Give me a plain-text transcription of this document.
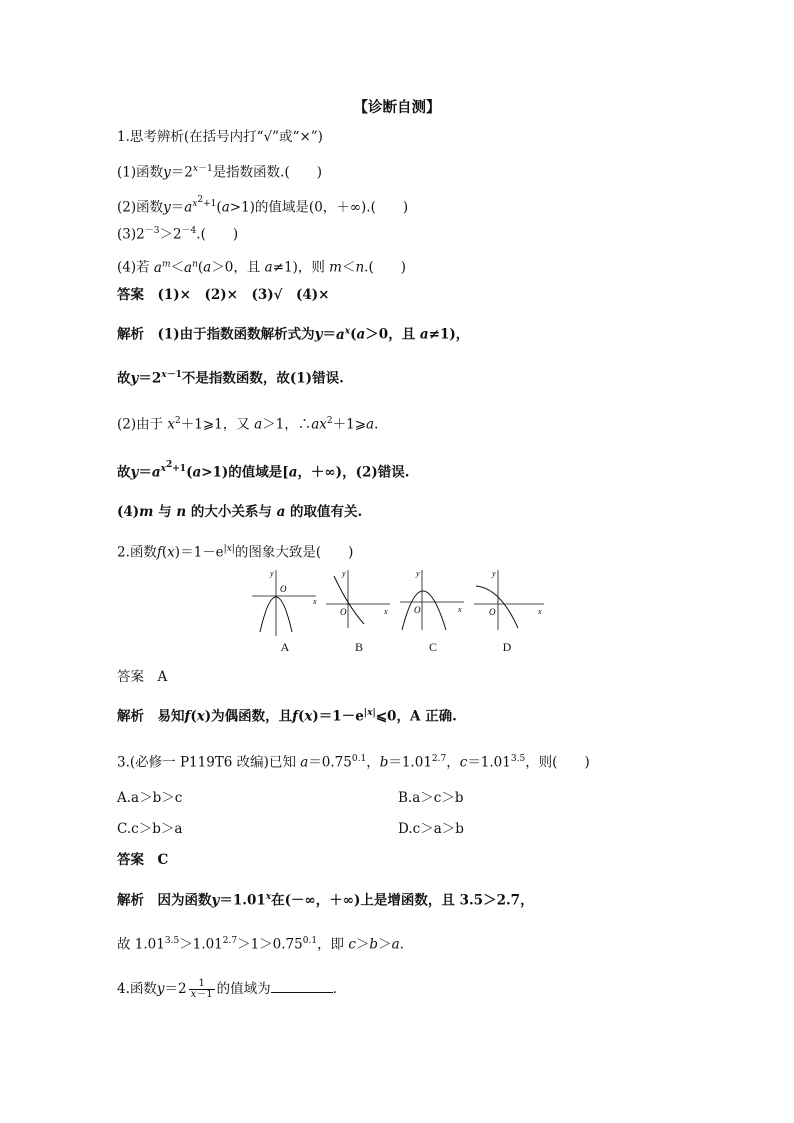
【诊断自测】
1.思考辨析(在括号内打“√”或“×”)
(1)函数$y=2^{x-1}$是指数函数.(　　)
(2)函数$y=a^{x^2+1}(a>1)$的值域是(0，＋∞).(　　)
$(3)2^{-3}>2^{-4}$.(　　)
(4)若 $a^m<a^n(a>0$，且 a≠1)，则 m＜n.(　　)
答案　(1)×　(2)×　(3)√　(4)×
解析　(1)由于指数函数解析式为$y=a^x(a>0$，且 a≠1)，
故$y=2^{x-1}$不是指数函数，故(1)错误.
(2)由于 $x^2+1⩾1$，又 a＞1，$\therefore ax^2+1⩾a$.
故$y=a^{x^2+1}(a>1)$的值域是[a，＋∞)，(2)错误.
(4)m 与 n 的大小关系与 a 的取值有关.
2.函数$f(x)=1-e^{|x|}$的图象大致是(　　)
y
x
O
A
y
x
O
B
y
x
O
C
y
x
O
D
答案　A
解析　易知f(x)为偶函数，且$f(x)=1-e^{|x|}⩽0$，A 正确.
3.(必修一 P119T6 改编)已知 $a=0.75^{0.1}$，$b=1.01^{2.7}$，$c=1.01^{3.5}$，则(　　)
A.a＞b＞c	B.a＞c＞b
C.c＞b＞a	D.c＞a＞b
答案　C
解析　因为函数$y=1.01^x$在(－∞，＋∞)上是增函数，且 3.5＞2.7，
故 $1.01^{3.5}>1.01^{2.7}>1>0.75^{0.1}$，即 c＞b＞a.
4.函数$y=2 \frac{1}{x-1}$ 的值域为	.
